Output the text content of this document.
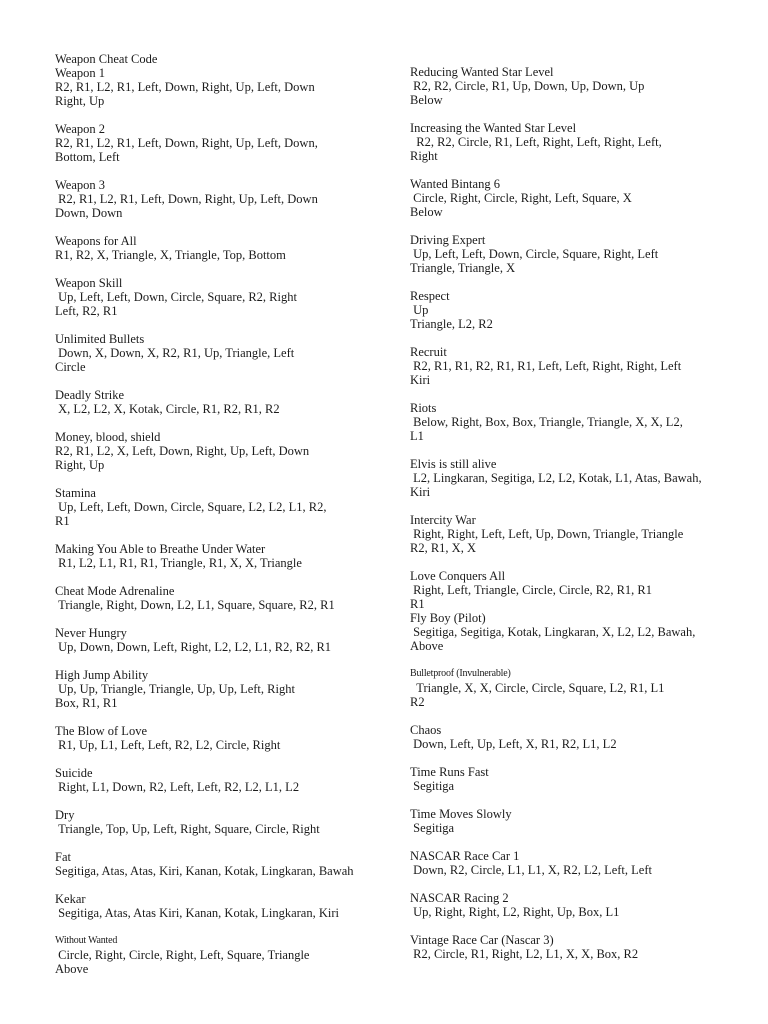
Weapon Cheat Code
Weapon 1
R2, R1, L2, R1, Left, Down, Right, Up, Left, Down
Right, Up
Weapon 2
R2, R1, L2, R1, Left, Down, Right, Up, Left, Down,
Bottom, Left
Weapon 3
R2, R1, L2, R1, Left, Down, Right, Up, Left, Down
Down, Down
Weapons for All
R1, R2, X, Triangle, X, Triangle, Top, Bottom
Weapon Skill
Up, Left, Left, Down, Circle, Square, R2, Right
Left, R2, R1
Unlimited Bullets
Down, X, Down, X, R2, R1, Up, Triangle, Left
Circle
Deadly Strike
X, L2, L2, X, Kotak, Circle, R1, R2, R1, R2
Money, blood, shield
R2, R1, L2, X, Left, Down, Right, Up, Left, Down
Right, Up
Stamina
Up, Left, Left, Down, Circle, Square, L2, L2, L1, R2,
R1
Making You Able to Breathe Under Water
R1, L2, L1, R1, R1, Triangle, R1, X, X, Triangle
Cheat Mode Adrenaline
Triangle, Right, Down, L2, L1, Square, Square, R2, R1
Never Hungry
Up, Down, Down, Left, Right, L2, L2, L1, R2, R2, R1
High Jump Ability
Up, Up, Triangle, Triangle, Up, Up, Left, Right
Box, R1, R1
The Blow of Love
R1, Up, L1, Left, Left, R2, L2, Circle, Right
Suicide
Right, L1, Down, R2, Left, Left, R2, L2, L1, L2
Dry
Triangle, Top, Up, Left, Right, Square, Circle, Right
Fat
Segitiga, Atas, Atas, Kiri, Kanan, Kotak, Lingkaran, Bawah
Kekar
Segitiga, Atas, Atas Kiri, Kanan, Kotak, Lingkaran, Kiri
Without Wanted
Circle, Right, Circle, Right, Left, Square, Triangle
Above
Reducing Wanted Star Level
R2, R2, Circle, R1, Up, Down, Up, Down, Up
Below
Increasing the Wanted Star Level
R2, R2, Circle, R1, Left, Right, Left, Right, Left,
Right
Wanted Bintang 6
Circle, Right, Circle, Right, Left, Square, X
Below
Driving Expert
Up, Left, Left, Down, Circle, Square, Right, Left
Triangle, Triangle, X
Respect
Up
Triangle, L2, R2
Recruit
R2, R1, R1, R2, R1, R1, Left, Left, Right, Right, Left
Kiri
Riots
Below, Right, Box, Box, Triangle, Triangle, X, X, L2,
L1
Elvis is still alive
L2, Lingkaran, Segitiga, L2, L2, Kotak, L1, Atas, Bawah,
Kiri
Intercity War
Right, Right, Left, Left, Up, Down, Triangle, Triangle
R2, R1, X, X
Love Conquers All
Right, Left, Triangle, Circle, Circle, R2, R1, R1
R1
Fly Boy (Pilot)
Segitiga, Segitiga, Kotak, Lingkaran, X, L2, L2, Bawah,
Above
Bulletproof (Invulnerable)
Triangle, X, X, Circle, Circle, Square, L2, R1, L1
R2
Chaos
Down, Left, Up, Left, X, R1, R2, L1, L2
Time Runs Fast
Segitiga
Time Moves Slowly
Segitiga
NASCAR Race Car 1
Down, R2, Circle, L1, L1, X, R2, L2, Left, Left
NASCAR Racing 2
Up, Right, Right, L2, Right, Up, Box, L1
Vintage Race Car (Nascar 3)
R2, Circle, R1, Right, L2, L1, X, X, Box, R2
